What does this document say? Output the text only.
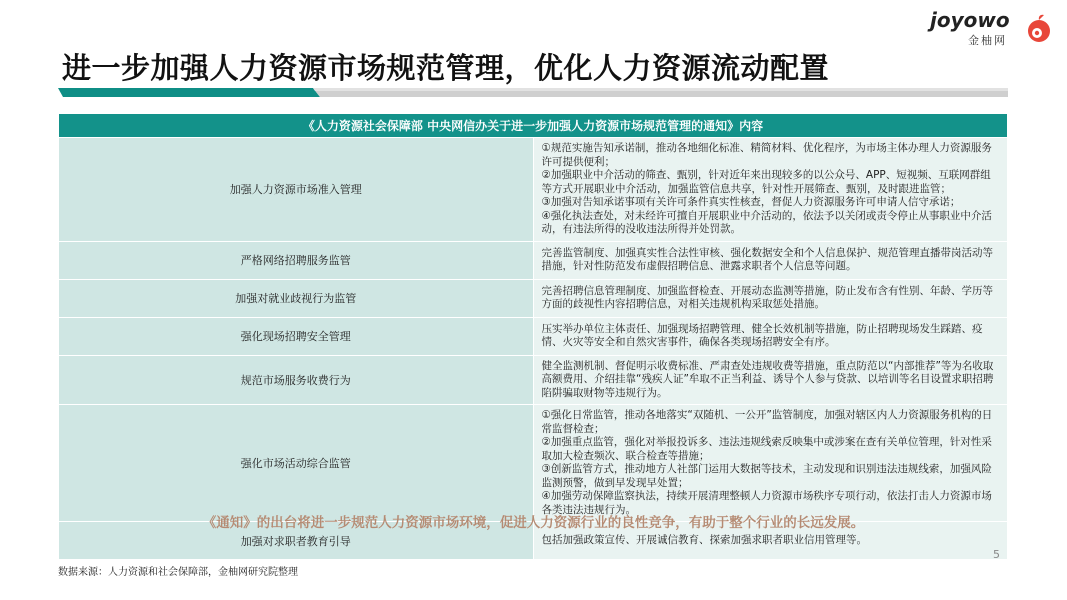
进一步加强人力资源市场规范管理，优化人力资源流动配置
joyowo
金柚网
《人力资源社会保障部 中央网信办关于进一步加强人力资源市场规范管理的通知》内容	
加强人力资源市场准入管理	①规范实施告知承诺制，推动各地细化标准、精简材料、优化程序，为市场主体办理人力资源服务许可提供便利；
②加强职业中介活动的筛查、甄别，针对近年来出现较多的以公众号、APP、短视频、互联网群组等方式开展职业中介活动，加强监管信息共享，针对性开展筛查、甄别，及时跟进监管；
③加强对告知承诺事项有关许可条件真实性核查，督促人力资源服务许可申请人信守承诺；
④强化执法查处，对未经许可擅自开展职业中介活动的，依法予以关闭或责令停止从事职业中介活动，有违法所得的没收违法所得并处罚款。

严格网络招聘服务监管	完善监管制度、加强真实性合法性审核、强化数据安全和个人信息保护、规范管理直播带岗活动等措施，针对性防范发布虚假招聘信息、泄露求职者个人信息等问题。

加强对就业歧视行为监管	完善招聘信息管理制度、加强监督检查、开展动态监测等措施，防止发布含有性别、年龄、学历等方面的歧视性内容招聘信息，对相关违规机构采取惩处措施。

强化现场招聘安全管理	压实举办单位主体责任、加强现场招聘管理、健全长效机制等措施，防止招聘现场发生踩踏、疫情、火灾等安全和自然灾害事件，确保各类现场招聘安全有序。

规范市场服务收费行为	健全监测机制、督促明示收费标准、严肃查处违规收费等措施，重点防范以“内部推荐”等为名收取高额费用、介绍挂靠“残疾人证”牟取不正当利益、诱导个人参与贷款、以培训等名目设置求职招聘陷阱骗取财物等违规行为。

强化市场活动综合监管	①强化日常监管，推动各地落实“双随机、一公开”监管制度，加强对辖区内人力资源服务机构的日常监督检查；
②加强重点监管，强化对举报投诉多、违法违规线索反映集中或涉案在查有关单位管理，针对性采取加大检查频次、联合检查等措施；
③创新监管方式，推动地方人社部门运用大数据等技术，主动发现和识别违法违规线索，加强风险监测预警，做到早发现早处置；
④加强劳动保障监察执法，持续开展清理整顿人力资源市场秩序专项行动，依法打击人力资源市场各类违法违规行为。

加强对求职者教育引导	包括加强政策宣传、开展诚信教育、探索加强求职者职业信用管理等。
《通知》的出台将进一步规范人力资源市场环境，促进人力资源行业的良性竞争，有助于整个行业的长远发展。
5
数据来源：人力资源和社会保障部，金柚网研究院整理
